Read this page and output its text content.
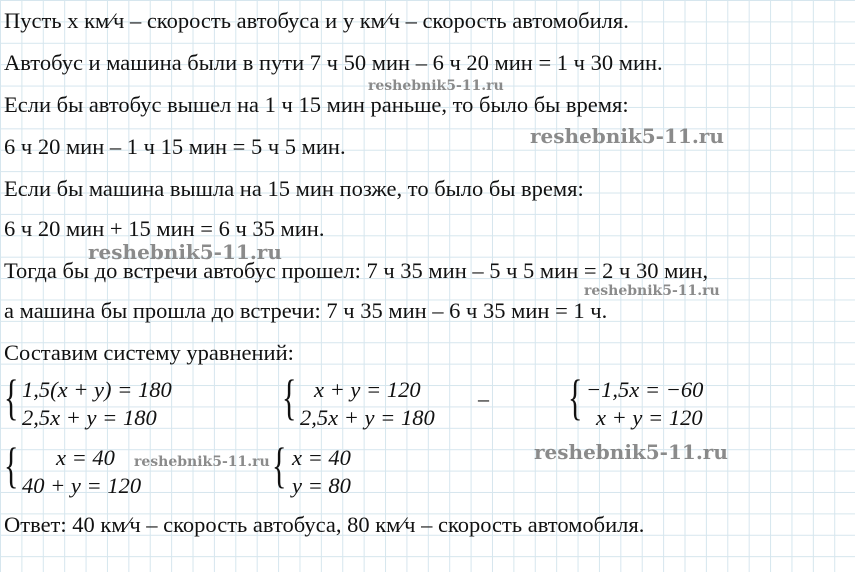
Пусть x км⁄ч – скорость автобуса и y км⁄ч – скорость автомобиля.
Автобус и машина были в пути 7 ч 50 мин – 6 ч 20 мин = 1 ч 30 мин.
Если бы автобус вышел на 1 ч 15 мин раньше, то было бы время:
6 ч 20 мин – 1 ч 15 мин = 5 ч 5 мин.
Если бы машина вышла на 15 мин позже, то было бы время:
6 ч 20 мин + 15 мин = 6 ч 35 мин.
Тогда бы до встречи автобус прошел: 7 ч 35 мин – 5 ч 5 мин = 2 ч 30 мин,
а машина бы прошла до встречи: 7 ч 35 мин – 6 ч 35 мин = 1 ч.
Составим систему уравнений:
{ 1,5(x + y) = 180
2,5x + y = 180	{ x + y = 120
2,5x + y = 180
– { −1,5x = −60
x + y = 120
{ x = 40
40 + y = 120	{ x = 40
y = 80
Ответ: 40 км⁄ч – скорость автобуса, 80 км⁄ч – скорость автомобиля.
reshebnik5-11.ru
reshebnik5-11.ru
reshebnik5-11.ru
reshebnik5-11.ru
reshebnik5-11.ru	reshebnik5-11.ru
